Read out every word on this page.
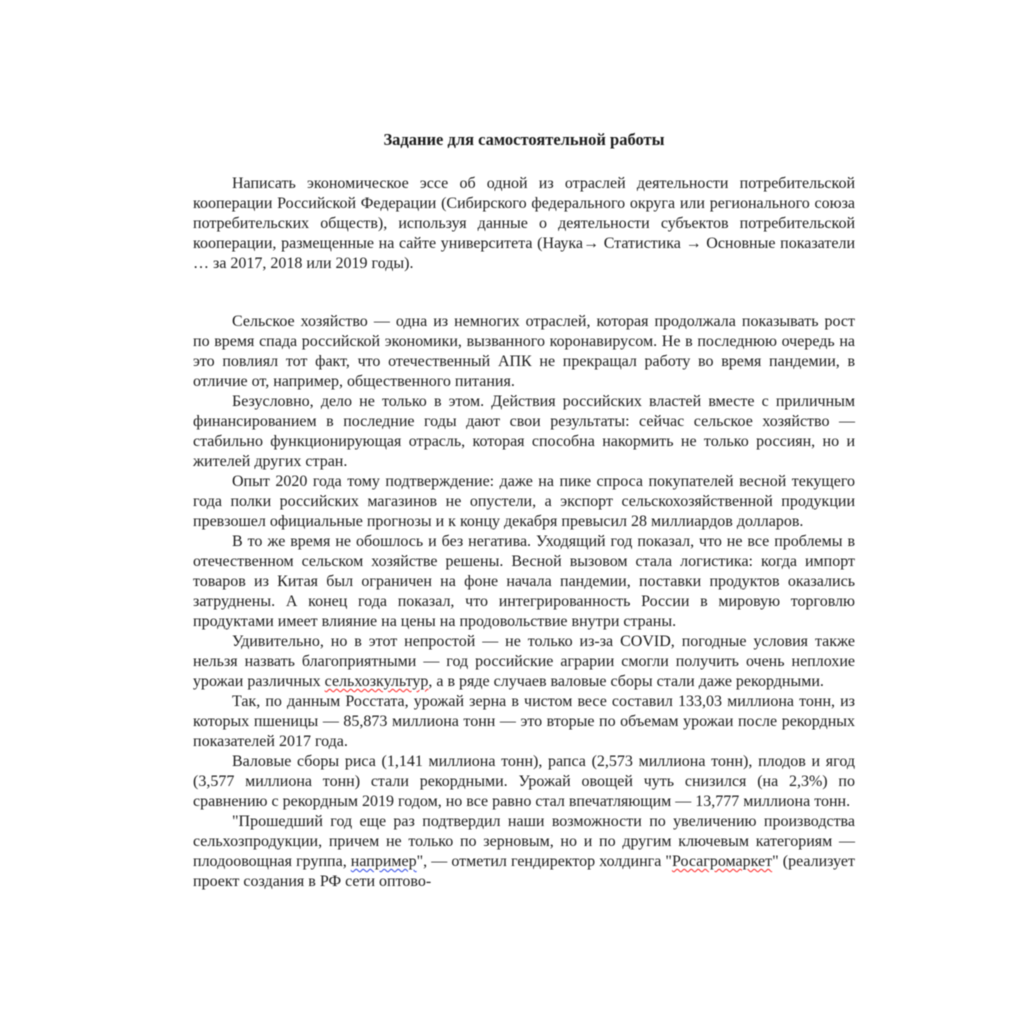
Задание для самостоятельной работы

Написать экономическое эссе об одной из отраслей деятельности потребительской кооперации Российской Федерации (Сибирского федерального округа или регионального союза потребительских обществ), используя данные о деятельности субъектов потребительской кооперации, размещенные на сайте университета (Наука→ Статистика → Основные показатели … за 2017, 2018 или 2019 годы).

Сельское хозяйство — одна из немногих отраслей, которая продолжала показывать рост по время спада российской экономики, вызванного коронавирусом. Не в последнюю очередь на это повлиял тот факт, что отечественный АПК не прекращал работу во время пандемии, в отличие от, например, общественного питания.

Безусловно, дело не только в этом. Действия российских властей вместе с приличным финансированием в последние годы дают свои результаты: сейчас сельское хозяйство — стабильно функционирующая отрасль, которая способна накормить не только россиян, но и жителей других стран.

Опыт 2020 года тому подтверждение: даже на пике спроса покупателей весной текущего года полки российских магазинов не опустели, а экспорт сельскохозяйственной продукции превзошел официальные прогнозы и к концу декабря превысил 28 миллиардов долларов.

В то же время не обошлось и без негатива. Уходящий год показал, что не все проблемы в отечественном сельском хозяйстве решены. Весной вызовом стала логистика: когда импорт товаров из Китая был ограничен на фоне начала пандемии, поставки продуктов оказались затруднены. А конец года показал, что интегрированность России в мировую торговлю продуктами имеет влияние на цены на продовольствие внутри страны.

Удивительно, но в этот непростой — не только из-за COVID, погодные условия также нельзя назвать благоприятными — год российские аграрии смогли получить очень неплохие урожаи различных сельхозкультур, а в ряде случаев валовые сборы стали даже рекордными.

Так, по данным Росстата, урожай зерна в чистом весе составил 133,03 миллиона тонн, из которых пшеницы — 85,873 миллиона тонн — это вторые по объемам урожаи после рекордных показателей 2017 года.

Валовые сборы риса (1,141 миллиона тонн), рапса (2,573 миллиона тонн), плодов и ягод (3,577 миллиона тонн) стали рекордными. Урожай овощей чуть снизился (на 2,3%) по сравнению с рекордным 2019 годом, но все равно стал впечатляющим — 13,777 миллиона тонн.

"Прошедший год еще раз подтвердил наши возможности по увеличению производства сельхозпродукции, причем не только по зерновым, но и по другим ключевым категориям — плодоовощная группа, например", — отметил гендиректор холдинга "Росагромаркет" (реализует проект создания в РФ сети оптово-
